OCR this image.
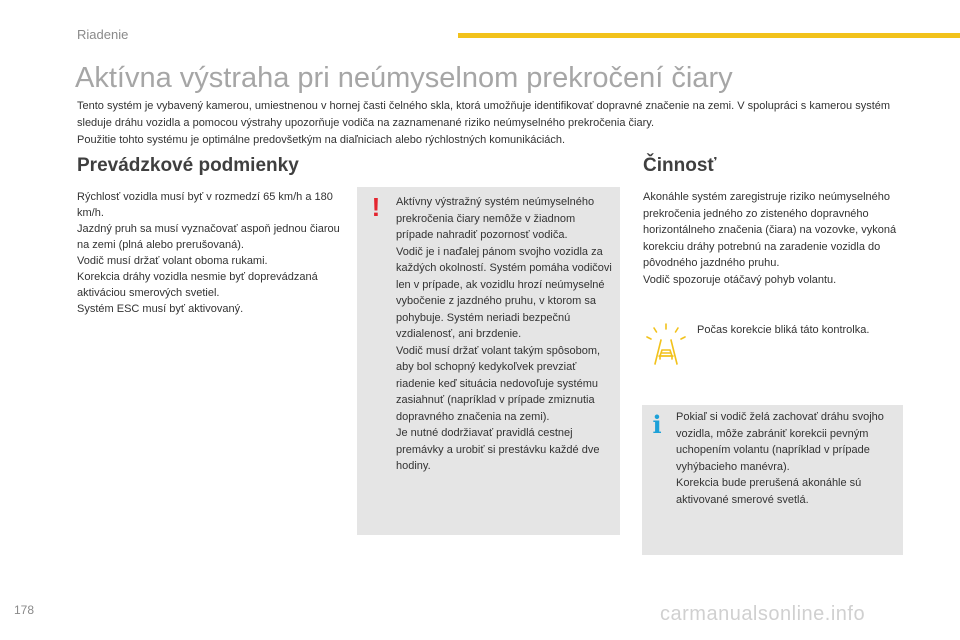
Riadenie
Aktívna výstraha pri neúmyselnom prekročení čiary

Tento systém je vybavený kamerou, umiestnenou v hornej časti čelného skla, ktorá umožňuje identifikovať dopravné značenie na zemi. V spolupráci s kamerou systém sleduje dráhu vozidla a pomocou výstrahy upozorňuje vodiča na zaznamenané riziko neúmyselného prekročenia čiary.

Použitie tohto systému je optimálne predovšetkým na diaľniciach alebo rýchlostných komunikáciách.

Prevádzkové podmienky

Rýchlosť vozidla musí byť v rozmedzí 65 km/h a 180 km/h.

Jazdný pruh sa musí vyznačovať aspoň jednou čiarou na zemi (plná alebo prerušovaná).

Vodič musí držať volant oboma rukami.

Korekcia dráhy vozidla nesmie byť doprevádzaná aktiváciou smerových svetiel.

Systém ESC musí byť aktivovaný.

! Aktívny výstražný systém neúmyselného prekročenia čiary nemôže v žiadnom prípade nahradiť pozornosť vodiča.

Vodič je i naďalej pánom svojho vozidla za každých okolností. Systém pomáha vodičovi len v prípade, ak vozidlu hrozí neúmyselné vybočenie z jazdného pruhu, v ktorom sa pohybuje. Systém neriadi bezpečnú vzdialenosť, ani brzdenie.

Vodič musí držať volant takým spôsobom, aby bol schopný kedykoľvek prevziať riadenie keď situácia nedovoľuje systému zasiahnuť (napríklad v prípade zmiznutia dopravného značenia na zemi).

Je nutné dodržiavať pravidlá cestnej premávky a urobiť si prestávku každé dve hodiny.

Činnosť

Akonáhle systém zaregistruje riziko neúmyselného prekročenia jedného zo zisteného dopravného horizontálneho značenia (čiara) na vozovke, vykoná korekciu dráhy potrebnú na zaradenie vozidla do pôvodného jazdného pruhu.

Vodič spozoruje otáčavý pohyb volantu.

Počas korekcie bliká táto kontrolka.
i Pokiaľ si vodič želá zachovať dráhu svojho vozidla, môže zabrániť korekcii pevným uchopením volantu (napríklad v prípade vyhýbacieho manévra).

Korekcia bude prerušená akonáhle sú aktivované smerové svetlá.

178	carmanualsonline.info
